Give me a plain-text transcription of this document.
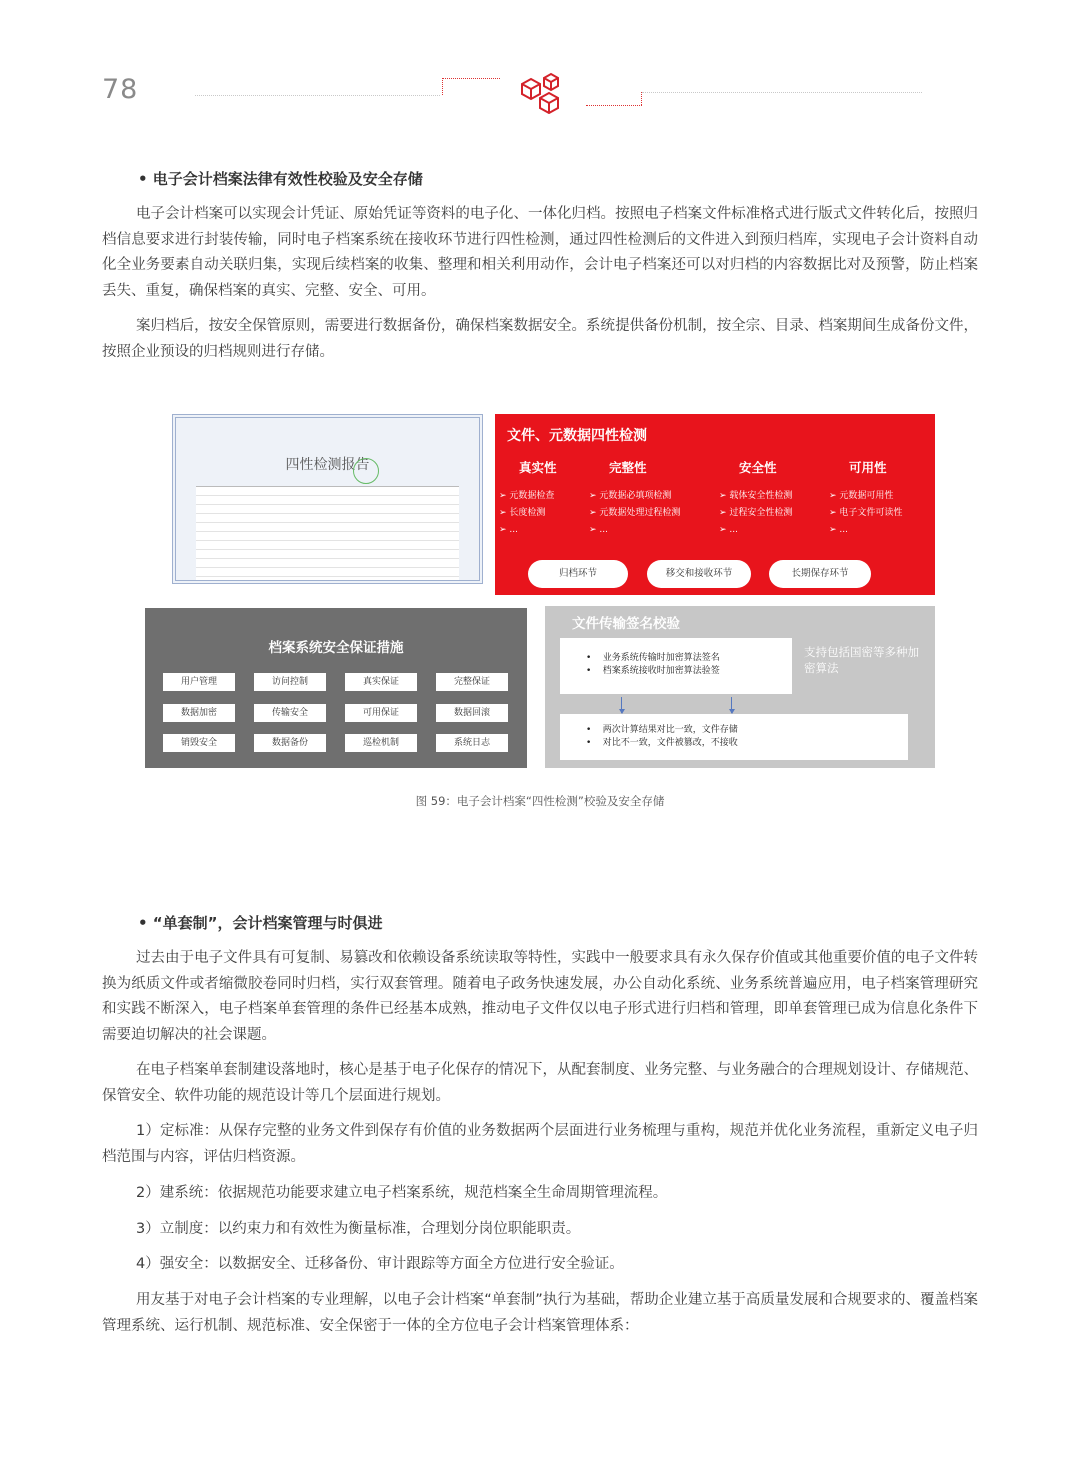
78
• 电子会计档案法律有效性校验及安全存储

电子会计档案可以实现会计凭证、原始凭证等资料的电子化、一体化归档。按照电子档案文件标准格式进行版式文件转化后，按照归档信息要求进行封装传输，同时电子档案系统在接收环节进行四性检测，通过四性检测后的文件进入到预归档库，实现电子会计资料自动化全业务要素自动关联归集，实现后续档案的收集、整理和相关利用动作，会计电子档案还可以对归档的内容数据比对及预警，防止档案丢失、重复，确保档案的真实、完整、安全、可用。

案归档后，按安全保管原则，需要进行数据备份，确保档案数据安全。系统提供备份机制，按全宗、目录、档案期间生成备份文件，按照企业预设的归档规则进行存储。

四性检测报告
文件、元数据四性检测
真实性
➢ 元数据检查
➢ 长度检测
➢ ...
完整性
➢ 元数据必填项检测
➢ 元数据处理过程检测
➢ ...
安全性
➢ 载体安全性检测
➢ 过程安全性检测
➢ ...
可用性
➢ 元数据可用性
➢ 电子文件可读性
➢ ...
归档环节	移交和接收环节	长期保存环节
档案系统安全保证措施
用户管理	访问控制	真实保证	完整保证
数据加密	传输安全	可用保证	数据回滚
销毁安全	数据备份	巡检机制	系统日志
文件传输签名校验
•    业务系统传输时加密算法签名
•    档案系统接收时加密算法验签
支持包括国密等多种加密算法
•    两次计算结果对比一致，文件存储
•    对比不一致，文件被篡改，不接收
图 59：电子会计档案“四性检测”校验及安全存储
• “单套制”，会计档案管理与时俱进

过去由于电子文件具有可复制、易篡改和依赖设备系统读取等特性，实践中一般要求具有永久保存价值或其他重要价值的电子文件转换为纸质文件或者缩微胶卷同时归档，实行双套管理。随着电子政务快速发展，办公自动化系统、业务系统普遍应用，电子档案管理研究和实践不断深入，电子档案单套管理的条件已经基本成熟，推动电子文件仅以电子形式进行归档和管理，即单套管理已成为信息化条件下需要迫切解决的社会课题。

在电子档案单套制建设落地时，核心是基于电子化保存的情况下，从配套制度、业务完整、与业务融合的合理规划设计、存储规范、保管安全、软件功能的规范设计等几个层面进行规划。

1）定标准：从保存完整的业务文件到保存有价值的业务数据两个层面进行业务梳理与重构，规范并优化业务流程，重新定义电子归档范围与内容，评估归档资源。

2）建系统：依据规范功能要求建立电子档案系统，规范档案全生命周期管理流程。

3）立制度：以约束力和有效性为衡量标准，合理划分岗位职能职责。

4）强安全：以数据安全、迁移备份、审计跟踪等方面全方位进行安全验证。

用友基于对电子会计档案的专业理解，以电子会计档案“单套制”执行为基础，帮助企业建立基于高质量发展和合规要求的、覆盖档案管理系统、运行机制、规范标准、安全保密于一体的全方位电子会计档案管理体系：
